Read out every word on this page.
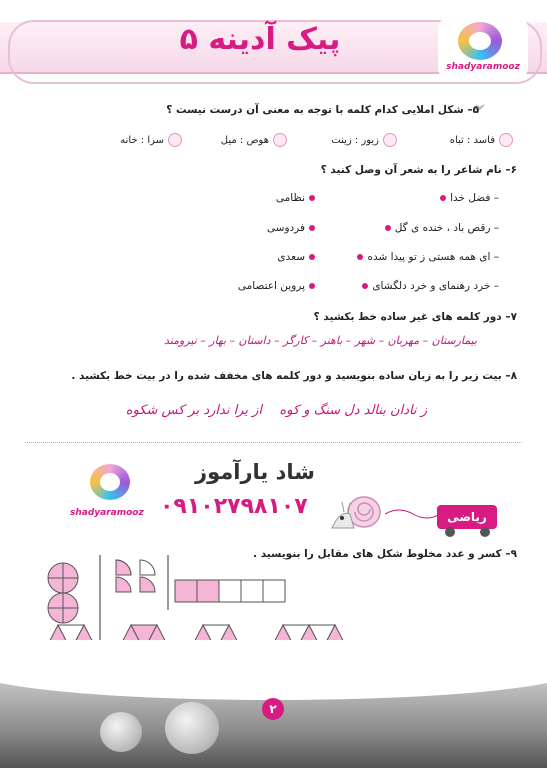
پیک آدینه ۵
shadyaramooz
۵– شکل املایی کدام کلمه با توجه به معنی آن درست نیست ؟
فاسد : تباه
زیور : زینت
هوص : میل
سرا : خانه
۶– نام شاعر را به شعر آن وصل کنید ؟
– فضل خدا
– رقص باد ، خنده ی گل
– ای همه هستی ز تو پیدا شده
– خرد رهنمای و خرد دلگشای
نظامی
فردوسی
سعدی
پروین اعتصامی
۷– دور کلمه های غیر ساده خط بکشید ؟
بیمارستان – مهربان – شهر – باهنر – کارگر – داستان – بهار – نیرومند
۸– بیت زیر را به زبان ساده بنویسید و دور کلمه های مخفف شده را در بیت خط بکشید .
ز نادان بنالد دل سنگ و کوه
از یرا ندارد بر کس شکوه
shadyaramooz
شاد یارآموز
۰۹۱۰۲۷۹۸۱۰۷	ریاضی
۹– کسر و عدد مخلوط شکل های مقابل را بنویسید .
۲
